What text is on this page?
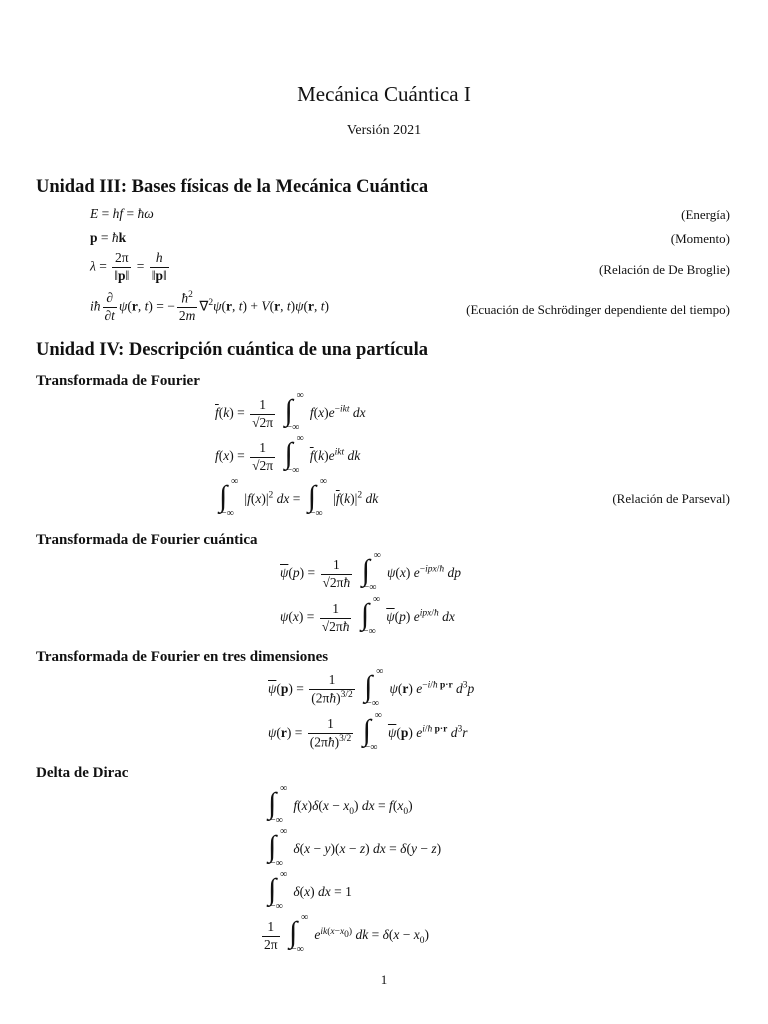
Mecánica Cuántica I
Versión 2021
Unidad III: Bases físicas de la Mecánica Cuántica
E = hf = ħω	(Energía)
p = ħk	(Momento)
$\lambda = \frac{2\pi}{‖p‖} = \frac{h}{‖p‖}$	(Relación de De Broglie)
iħ $\frac{\partial}{\partial t} \psi(r$, t) = − $\frac{ħ^2}{2m} \nabla^2\psi(r$, t) + V(r, t)ψ(r, t)	(Ecuación de Schrödinger dependiente del tiempo)
Unidad IV: Descripción cuántica de una partícula
Transformada de Fourier
$\overline{f}(k) = \frac{1}{√2\pi}$
∫ ∞
−∞
$f(x)e^{-ikt}$ dx
$f(x) = \frac{1}{√2\pi}$
∫ ∞
−∞
$\overline{f}(k)e^{ikt}$ dk
∫ ∞
−∞
$|f(x)|^2$ dx = ∫ ∞
−∞
$|\overline{f}(k)|^2$ dk	(Relación de Parseval)
Transformada de Fourier cuántica
$\overline{\psi}(p) = \frac{1}{√2\pi ħ}$
∫ ∞
−∞
ψ(x) $e^{-ipx/ħ}$ dp
$\psi(x) = \frac{1}{√2\pi ħ}$
∫ ∞
−∞
$\overline{\psi}(p)$ $e^{ipx/ħ}$ dx
Transformada de Fourier en tres dimensiones
$\overline{\psi}(p) = \frac{1}{(2\pi ħ)^{3/2}}$
∫ ∞
−∞
ψ(r) $e^{-i/ħ p\cdot r}$ $d^3p$
$\psi(r) = \frac{1}{(2\pi ħ)^{3/2}}$
∫ ∞
−∞
$\overline{\psi}(p)$ $e^{i/ħ p\cdot r}$ $d^3r$
Delta de Dirac
∫ ∞
−∞
$f(x)\delta(x - x_0)$ dx = $f(x_0)$
∫ ∞
−∞
δ(x − y)(x − z) dx = δ(y − z)
∫ ∞
−∞
δ(x) dx = 1
$\frac{1}{2\pi}$
∫ ∞
−∞
$e^{ik(x-x_0)}$ dk = $\delta(x - x_0)$
1
